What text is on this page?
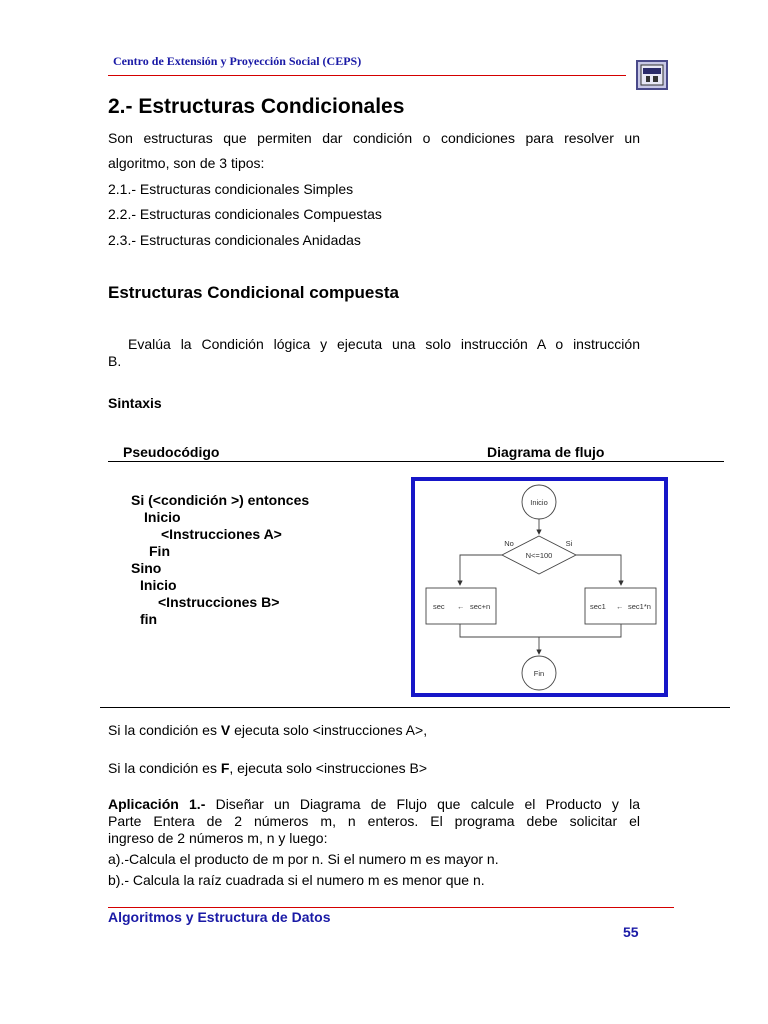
Centro de Extensión y Proyección Social (CEPS)
2.- Estructuras Condicionales
Son estructuras que permiten dar condición o condiciones para resolver un
algoritmo, son de 3 tipos:
2.1.- Estructuras condicionales Simples
2.2.- Estructuras condicionales Compuestas
2.3.- Estructuras condicionales Anidadas
Estructuras Condicional compuesta
Evalúa la Condición lógica y ejecuta una solo instrucción A o instrucción
B.
Sintaxis
Pseudocódigo	Diagrama de flujo
Si (<condición >) entonces
Inicio
<Instrucciones A>
Fin
Sino
Inicio
<Instrucciones B>
fin
Inicio
N<=100
No	Si
sec ← sec+n	sec1 ← sec1*n
Fin
Si la condición es V ejecuta solo <instrucciones A>,
Si la condición es F, ejecuta solo <instrucciones B>
Aplicación 1.- Diseñar un Diagrama de Flujo que calcule el Producto y la
Parte Entera de 2 números m, n enteros. El programa debe solicitar el
ingreso de 2 números m, n y luego:
a).-Calcula el producto de m por n. Si el numero m es mayor n.
b).- Calcula la raíz cuadrada si el numero m es menor que n.
Algoritmos y Estructura de Datos
55
